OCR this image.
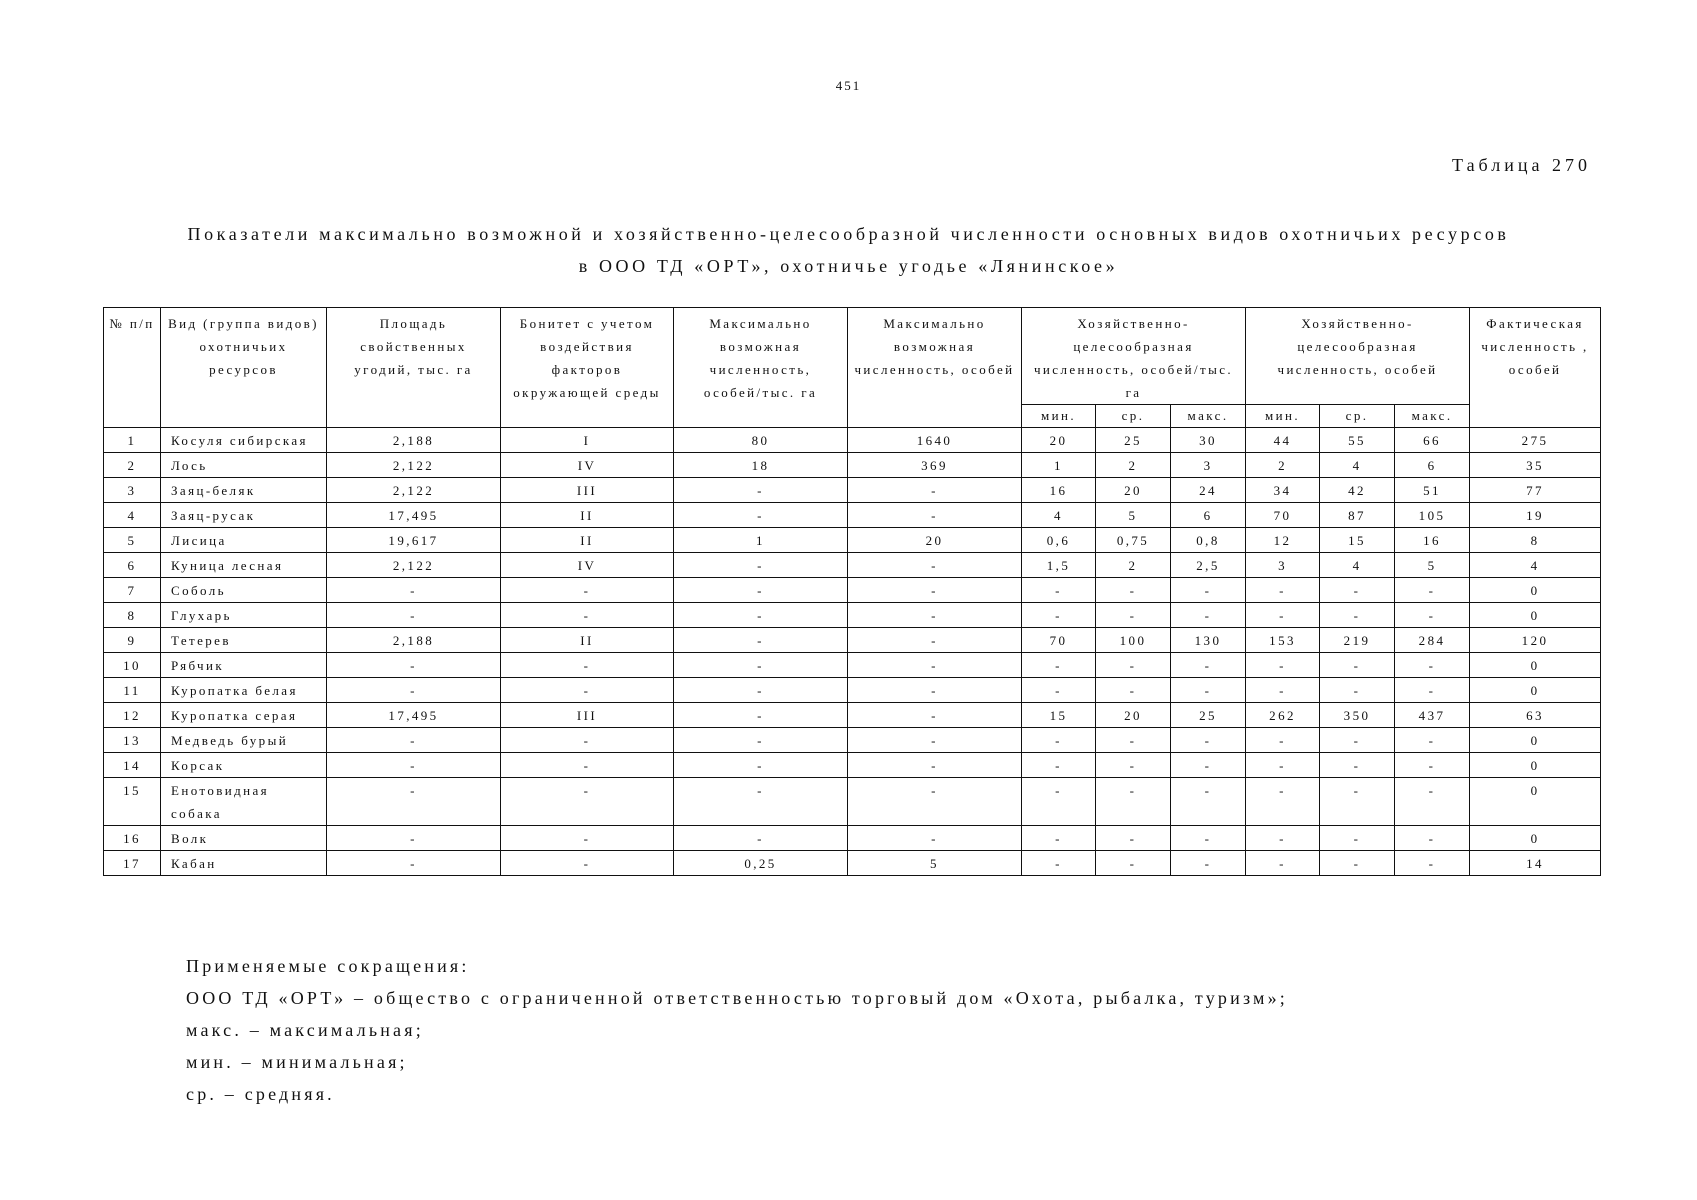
451
Таблица 270
Показатели максимально возможной и хозяйственно-целесообразной численности основных видов охотничьих ресурсов
в ООО ТД «ОРТ», охотничье угодье «Лянинское»
№ п/п	Вид (группа видов) охотничьих ресурсов	Площадь свойственных угодий, тыс. га	Бонитет с учетом воздействия факторов окружающей среды	Максимально возможная численность, особей/тыс. га	Максимально возможная численность, особей	Хозяйственно-целесообразная численность, особей/тыс. га			Хозяйственно-целесообразная численность, особей			Фактическая численность , особей
						мин.	ср.	макс.	мин.	ср.	макс.	
1	Косуля сибирская	2,188	I	80	1640	20	25	30	44	55	66	275
2	Лось	2,122	IV	18	369	1	2	3	2	4	6	35
3	Заяц-беляк	2,122	III	-	-	16	20	24	34	42	51	77
4	Заяц-русак	17,495	II	-	-	4	5	6	70	87	105	19
5	Лисица	19,617	II	1	20	0,6	0,75	0,8	12	15	16	8
6	Куница лесная	2,122	IV	-	-	1,5	2	2,5	3	4	5	4
7	Соболь	-	-	-	-	-	-	-	-	-	-	0
8	Глухарь	-	-	-	-	-	-	-	-	-	-	0
9	Тетерев	2,188	II	-	-	70	100	130	153	219	284	120
10	Рябчик	-	-	-	-	-	-	-	-	-	-	0
11	Куропатка белая	-	-	-	-	-	-	-	-	-	-	0
12	Куропатка серая	17,495	III	-	-	15	20	25	262	350	437	63
13	Медведь бурый	-	-	-	-	-	-	-	-	-	-	0
14	Корсак	-	-	-	-	-	-	-	-	-	-	0
15	Енотовидная собака	-	-	-	-	-	-	-	-	-	-	0
16	Волк	-	-	-	-	-	-	-	-	-	-	0
17	Кабан	-	-	0,25	5	-	-	-	-	-	-	14
Применяемые сокращения:
ООО ТД «ОРТ» – общество с ограниченной ответственностью торговый дом «Охота, рыбалка, туризм»;
макс. – максимальная;
мин. – минимальная;
ср. – средняя.
